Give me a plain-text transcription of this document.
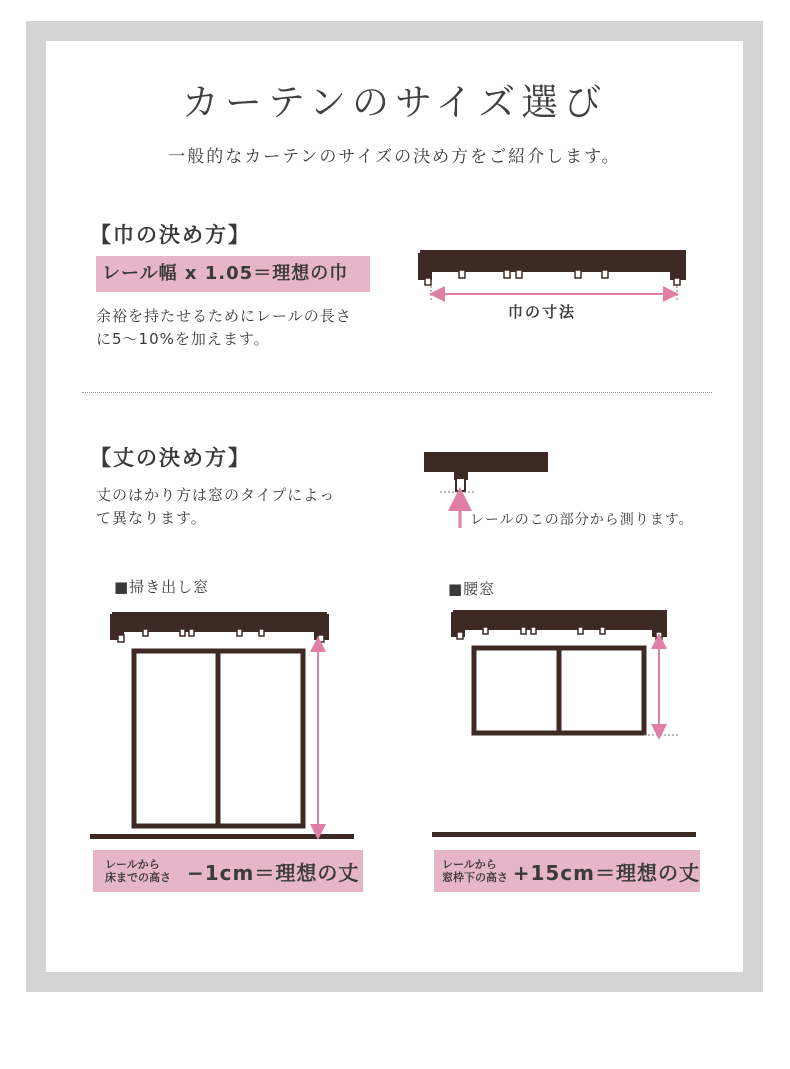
カーテンのサイズ選び
一般的なカーテンのサイズの決め方をご紹介します。
【巾の決め方】
レール幅 x 1.05＝理想の巾
余裕を持たせるためにレールの長さに5〜10%を加えます。
巾の寸法
【丈の決め方】
丈のはかり方は窓のタイプによって異なります。	レールのこの部分から測ります。
■掃き出し窓	■腰窓
レールから
床までの高さ −1cm＝理想の丈	レールから
窓枠下の高さ +15cm＝理想の丈
